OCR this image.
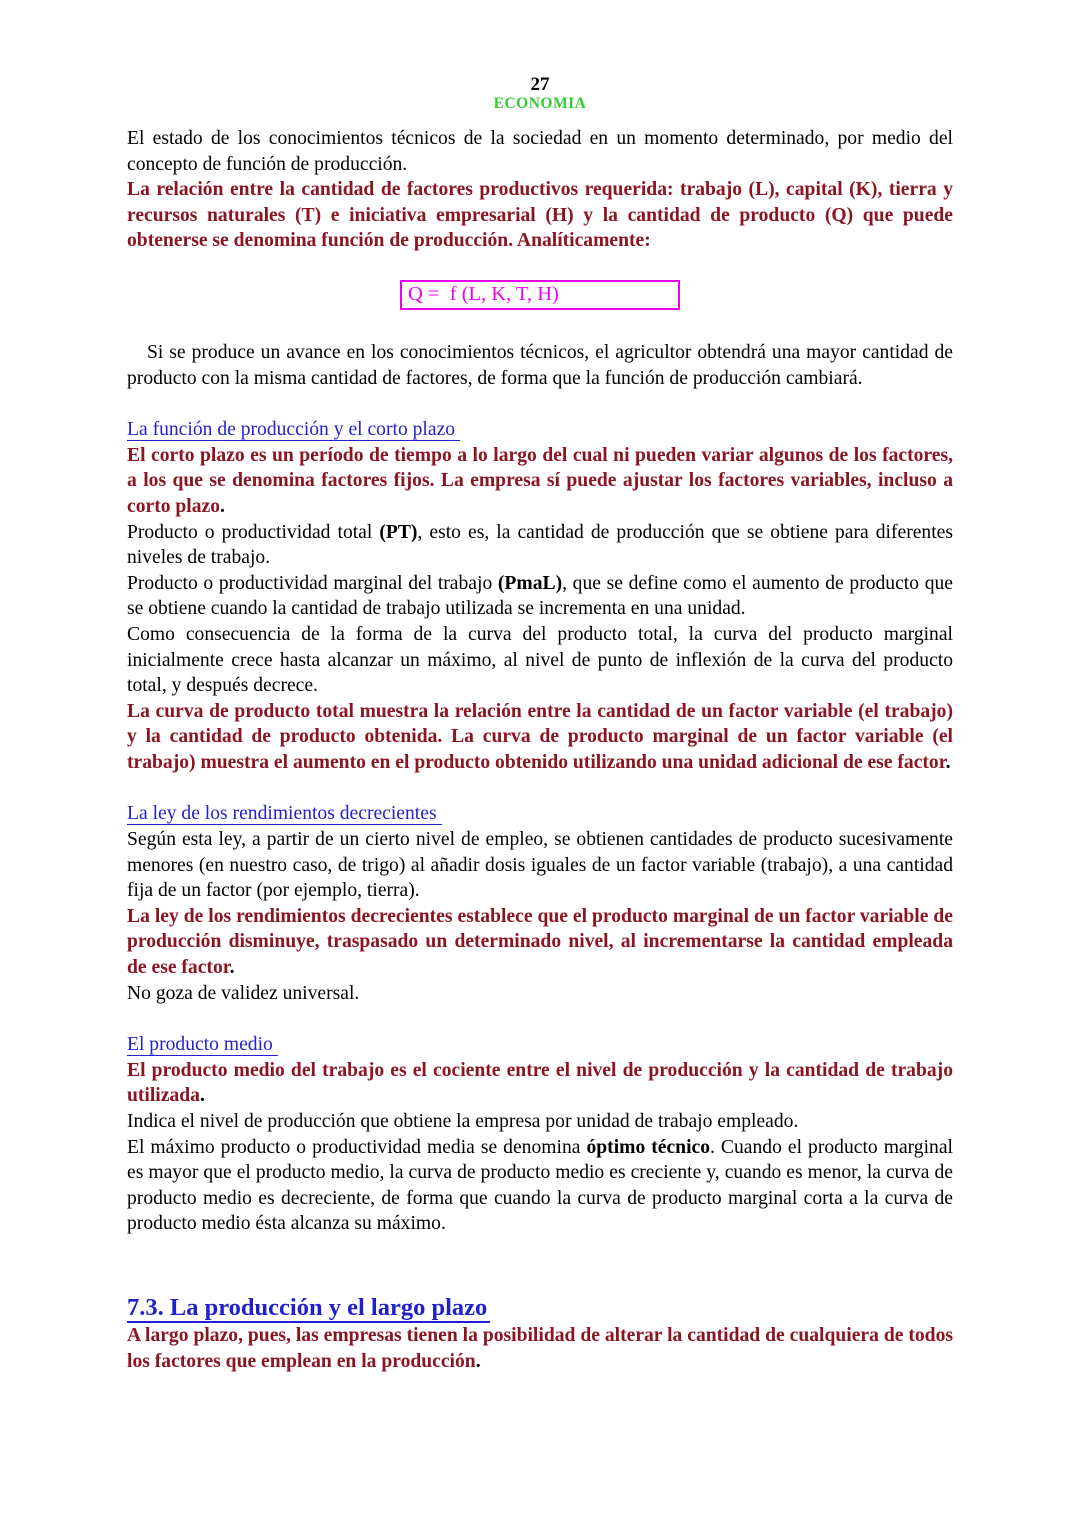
27
ECONOMIA

El estado de los conocimientos técnicos de la sociedad en un momento determinado, por medio del concepto de función de producción.

La relación entre la cantidad de factores productivos requerida: trabajo (L), capital (K), tierra y recursos naturales (T) e iniciativa empresarial (H) y la cantidad de producto (Q) que puede obtenerse se denomina función de producción. Analíticamente:

Q =  f (L, K, T, H)

Si se produce un avance en los conocimientos técnicos, el agricultor obtendrá una mayor cantidad de producto con la misma cantidad de factores, de forma que la función de producción cambiará.

La función de producción y el corto plazo

El corto plazo es un período de tiempo a lo largo del cual ni pueden variar algunos de los factores, a los que se denomina factores fijos. La empresa sí puede ajustar los factores variables, incluso a corto plazo.

Producto o productividad total (PT), esto es, la cantidad de producción que se obtiene para diferentes niveles de trabajo.

Producto o productividad marginal del trabajo (PmaL), que se define como el aumento de producto que se obtiene cuando la cantidad de trabajo utilizada se incrementa en una unidad.

Como consecuencia de la forma de la curva del producto total, la curva del producto marginal inicialmente crece hasta alcanzar un máximo, al nivel de punto de inflexión de la curva del producto total, y después decrece.

La curva de producto total muestra la relación entre la cantidad de un factor variable (el trabajo) y la cantidad de producto obtenida. La curva de producto marginal de un factor variable (el trabajo) muestra el aumento en el producto obtenido utilizando una unidad adicional de ese factor.

La ley de los rendimientos decrecientes

Según esta ley, a partir de un cierto nivel de empleo, se obtienen cantidades de producto sucesivamente menores (en nuestro caso, de trigo) al añadir dosis iguales de un factor variable (trabajo), a una cantidad fija de un factor (por ejemplo, tierra).

La ley de los rendimientos decrecientes establece que el producto marginal de un factor variable de producción disminuye, traspasado un determinado nivel, al incrementarse la cantidad empleada de ese factor.

No goza de validez universal.

El producto medio

El producto medio del trabajo es el cociente entre el nivel de producción y la cantidad de trabajo utilizada.

Indica el nivel de producción que obtiene la empresa por unidad de trabajo empleado.

El máximo producto o productividad media se denomina óptimo técnico. Cuando el producto marginal es mayor que el producto medio, la curva de producto medio es creciente y, cuando es menor, la curva de producto medio es decreciente, de forma que cuando la curva de producto marginal corta a la curva de producto medio ésta alcanza su máximo.

7.3. La producción y el largo plazo

A largo plazo, pues, las empresas tienen la posibilidad de alterar la cantidad de cualquiera de todos los factores que emplean en la producción.
